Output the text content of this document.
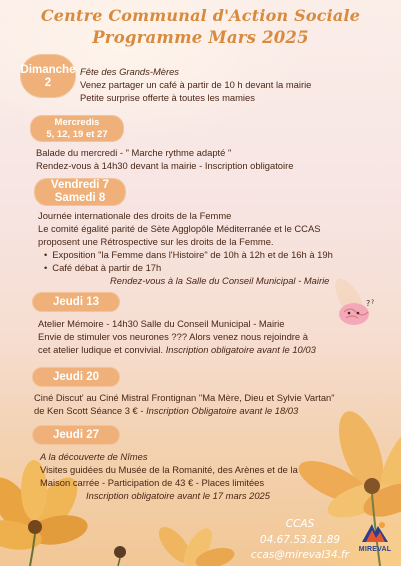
Centre Communal d'Action Sociale
Programme Mars 2025
Dimanche
2
Fête des Grands-Mères
Venez partager un café à partir de 10 h devant la mairie
Petite surprise offerte à toutes les mamies
Mercredis
5, 12, 19 et 27
Balade du mercredi - " Marche rythme adapté "
Rendez-vous à 14h30 devant la mairie - Inscription obligatoire
Vendredi 7
Samedi 8
Journée internationale des droits de la Femme
Le comité égalité parité de Sète Agglopôle Méditerranée et le CCAS
proposent une Rétrospective sur les droits de la Femme.
• Exposition "la Femme dans l'Histoire" de 10h à 12h et de 16h à 19h
• Café débat à partir de 17h
Rendez-vous à la Salle du Conseil Municipal - Mairie
Jeudi 13	? ?
Atelier Mémoire - 14h30 Salle du Conseil Municipal - Mairie
Envie de stimuler vos neurones ??? Alors venez nous rejoindre à
cet atelier ludique et convivial. Inscription obligatoire avant le 10/03
Jeudi 20
Ciné Discut' au Ciné Mistral Frontignan "Ma Mère, Dieu et Sylvie Vartan"
de Ken Scott Séance 3 € - Inscription Obligatoire avant le 18/03
Jeudi 27
A la découverte de Nîmes
Visites guidées du Musée de la Romanité, des Arènes et de la
Maison carrée - Participation de 43 € - Places limitées
Inscription obligatoire avant le 17 mars 2025
CCAS
04.67.53.81.89
ccas@mireval34.fr	MIREVAL
